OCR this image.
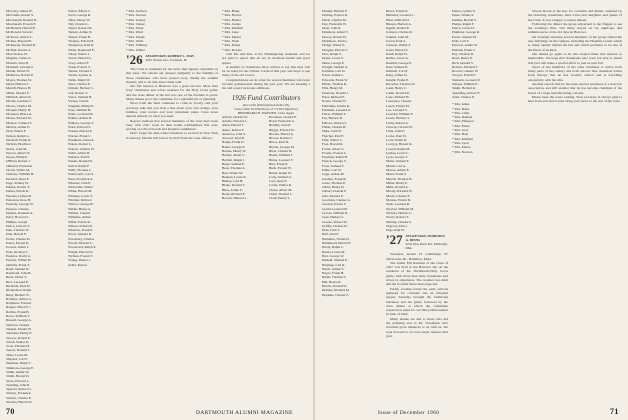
McCrary, James W.

McCredie, Robert S.

Macdonald, Ronald D.

Macdonald, Everett F.

McDonald, Harold B.

McDonald, Stewart

McEwen, Arthur C.

McKee, Bayard H.

McKenzie, Donald R.

McNair, Robert A.

Maccracken, H.

Maguire, James A.

Marden, John H.

Marshall, Lawrence

Martin, David W.

Matthews, Robert P.

Mayer, Thomas W.

Mead, Herbert C.

Merrill, Horace H.

Miller, Donald E.

Mitchell, Albert R.

Moody, Gardner C.

Moore, Charles M.

Morgan, Henry H.

Morrison, Bruce A.

Moses, Edward W.

Munroe, Samuel T.

Murray, Arthur E.

Neal, Walter F.

Nelson, Ralph G.

Newhall, Frank D.

Nichols, Bradford

Noble, John M.

Norton, Albert W.

Noyes, Philip P.

O'Brien, Robert J.

Olmsted, Frederick

Orcutt, Walter M.

Osborne, William H.

Packard, Dean E.

Page, Stanley W.

Palmer, Robert T.

Parker, Edwin K.

Parsons, Lyman B.

Patterson, Ross H.

Peabody, George W.

Pearson, Charles

Perkins, Kenneth A.

Perry, Howard L.

Phillips, Joseph

Pierce, Lincoln S.

Pike, Thomas W.

Platt, Harold F.

Porter, Chester D.

Potter, Everett R.

Powers, Albert J.

Pratt, Richard C.

Prentice, David A.

Preston, Wilbur H.

Quimby, Frank T.

Rand, Samuel D.

Raymond, John B.

Reed, Walter S.

Rice, Leonard E.

Richards, Paul M.

Richardson, Ralph

Riley, Herbert W.

Robbins, Arthur G.

Robinson, Edward

Rogers, Harold C.

Rollins, Frank B.

Rowe, William T.

Russell, George A.

Sanborn, Charles

Sargent, Daniel W.

Saunders, Henry P.

Sawyer, Robert E.

Schell, Walter D.

Scott, Thomas H.

Seaver, Donald J.

Shaw, Lewis M.

Shepard, Carl F.

Sherman, Ralph T.

Simmons, George E.

Smith, Arthur W.

Smith, Harold D.

Snow, Edward L.

Spalding, John R.

Spencer, Robert G.

Stanley, Frederick

Stearns, Charles P.

Stevens, Harold W.

Sutton, Elbert C.

Swan, George R.

Taber, Henry W.

Taft, Charles L.

Taylor, Robert M.

Tenney, Arthur D.

Thayer, Frank B.

Thomas, Edwin H.

Thompson, Paul R.

Tilton, Raymond E.

Tobey, Walter J.

Towle, Harold G.

Tracy, Albert F.

Trask, Everett S.

Tucker, Donald C.

Turner, Lyman A.

Tuttle, Ralph W.

Tyler, Charles E.

Upham, Herbert S.

Vail, Robert T.

Vance, Samuel B.

Varney, John P.

Vaughan, Philip D.

Vose, William H.

Wade, Leonard M.

Walker, Arthur R.

Wallace, George T.

Ward, Edward S.

Warner, Harold P.

Warren, Frank C.

Washburn, Dean A.

Waters, Robert L.

Watson, Charles W.

Webb, Albert H.

Webster, Paul E.

Weeks, Donald R.

Welch, Ralph F.

Wells, Thomas J.

Wentworth, Carl S.

West, Frederick A.

Wheeler, John E.

Whitcomb, Walter

White, Harold M.

Whitney, Lewis T.

Whittier, Richard

Wilcox, George B.

Wilder, Henry A.

Willard, Chester

Williams, Arthur

Willis, Edwin R.

Wilson, Robert D.

Winslow, Frank P.

Wood, Samuel R.

Woodbury, Charles

Woods, Herbert L.

Woodward, Ralph E.

Wright, Harold W.

Wyman, Everett T.

Young, Daniel J.

Zeller, Paul A.

* Mrs. Sanford

* Mrs. Stewart

* Mrs. Tenney

* Mrs. Turner

* Mrs. Wade

* Mrs. Ward

* Mrs. Weeks

* Mrs. Wells

* Mrs. Whitney

* Mrs. Wilder

'26 SECRETARY, ROBERT L. MAY
4901 Warren Ave., Evanston, Ill.

The Class is saddened by the news that appears elsewhere in this issue. We extend our deepest sympathy to the families of those classmates who have passed away during the autumn months, and to all who knew them well.

Our fall reunion at Hanover was a great success. More than forty classmates and wives returned for the Holy Cross game, and the class dinner at the Inn was one of the liveliest in years. Many thanks go to the committee for a splendid job of planning.

News from the field continues to come in slowly, and your secretary asks that you drop a line about your own doings, your families, your travels and your retirement plans. Class notes depend entirely on what you send.

Reports indicate that several members of the class have been busy with civic work in their home communities this year, serving on school boards and hospital committees.

Don't forget the mid-winter luncheon to be held in New York in January. Details will follow by mail from the class officers.

* Mrs. Haley

* Mrs. Horton

* Mrs. Hunter

* Mrs. Jordan

* Mrs. Kimball

* Mrs. Lane

* Mrs. Mason

* Mrs. Nash

* Mrs. Parker

* Mrs. Powers

with Mr. and Mrs. at the Thanksgiving weekend, and we are glad to report that all are in excellent health and good spirits.

A number of classmates have written to say that they will be on hand for the Winter Carnival this year and hope to see many of the old crowd.

Congratulations are in order for several members who have become grandparents during the past year. We are keeping a list and would welcome additions.

1926 Fund Contributors
plus Gifts (Participation Index 93)
Class Gifts: $7,639.00 (as of 7/1/60 Objective)
BERNHARD M. HAYDEN, Class Agent

Abbott, Charles W.

Adams, Edward L.

Allen, Harold T.

Ames, Robert F.

Andrews, John S.

Atwood, Paul R.

Bailey, Frank D.

Baker, George E.

Barnes, Henry W.

Barrett, Albert C.

Bartlett, Ralph J.

Bates, Samuel P.

Bean, Thomas A.

Bell, Walter M.

Bennett, Lewis R.

Bishop, Carl H.

Blake, Donald T.

Bliss, Arthur F.

Bond, Richard E.

Bowen, Herbert L.

Bowman, Charles E.

Boyd, Frederick S.

Bradley, John P.

Briggs, Edward W.

Brooks, Harold A.

Brown, Robert C.

Bruce, Paul D.

Bryant, George M.

Buck, Chester R.

Burke, William J.

Burns, Leonard T.

Burt, Frank E.

Bush, Everett H.

Butler, Ralph W.

Cady, Samuel G.

Carr, Dean F.

Carter, Walter R.

Chase, Albert M.

Child, Thomas L.

Clark, Henry S.

70	DARTMOUTH ALUMNI MAGAZINE

Daniels, Herbert F.

Darling, Everett R.

Davis, Charles M.

Day, Frederick W.

Dean, John R.

Dennison, Albert T.

Dewey, Robert H.

Dickinson, Paul G.

Dodge, Walter E.

Douglas, Harold C.

Dow, Ralph T.

Drake, Lewis S.

Dunn, George P.

Dwight, Samuel A.

Eastman, Carl D.

Eaton, Arthur L.

Edwards, Frank W.

Elliott, Thomas R.

Ellis, Henry M.

Emerson, Donald J.

Estes, Richard F.

Evans, Chester H.

Fairbanks, Edwin R.

Farnham, Leonard A.

Farrar, William T.

Fay, Herbert D.

Fellows, Robert S.

Fisher, Charles B.

Fiske, John W.

Fletcher, Paul E.

Flint, Walter C.

Foss, Harold R.

Foster, Albert G.

Fowler, Everett L.

Freeman, Ralph H.

French, George S.

Frost, Samuel T.

Fuller, Carl W.

Gage, Arthur M.

Gardner, Frank R.

Gates, Thomas E.

Gibbs, Henry D.

Gilbert, Donald F.

Gile, Richard P.

Goodwin, Chester A.

Gordon, Edwin T.

Gould, Leonard H.

Graves, William R.

Gray, Herbert S.

Greene, Robert W.

Griffin, Charles D.

Hale, John T.

Hall, Paul F.

Hamilton, Walter D.

Hammond, Harold E.

Hardy, Ralph C.

Harris, Lewis M.

Hart, George W.

Haskell, Samuel E.

Hastings, Carl R.

Hatch, Arthur T.

Hayes, Frank H.

Heath, Thomas S.

Hill, Henry R.

Hobbs, Donald W.

Holmes, Richard M.

Hopkins, Chester F.

Howe, Edwin P.

Hubbard, Leonard C.

Hunt, William D.

Hussey, Herbert A.

Ingalls, Robert E.

Jackson, Charles R.

Jenkins, John M.

Jewett, Paul S.

Johnson, Walter F.

Jones, Harold T.

Keith, Ralph W.

Kelley, Lewis A.

Kendall, George E.

Kent, Samuel R.

Kimball, Carl P.

King, Arthur D.

Knight, Frank E.

Knowles, Thomas W.

Ladd, Henry C.

Lamb, Donald R.

Lane, Richard H.

Lawrence, Chester

Leach, Edwin M.

Lee, Leonard S.

Leonard, William F.

Lewis, Herbert T.

Libby, Robert A.

Lincoln, Charles H.

Little, John E.

Locke, Paul W.

Lord, Walter R.

Lovejoy, Harold D.

Lowell, Ralph M.

Lyman, Lewis C.

Lyon, George T.

Mann, Samuel F.

Marsh, Carl A.

Mason, Arthur E.

Mead, Frank S.

Merrill, Thomas H.

Miller, Henry P.

Mills, Donald A.

Moody, Richard W.

Morse, Chester E.

Morton, Edwin D.

Nash, Leonard R.

Newton, William M.

Nichols, Herbert C.

Norris, Robert T.

Nutting, Charles S.

Osgood, John L.

Page, Paul H.

'27 SECRETARY, DOREMUS A. BINNS
4232 West River Rd., Pittsburgh, Ohio

Treasurer, Robert H. Cummings, 87 Silverstone Dr., Hamilton, Mass.

The fourth Fall Reunion of the Class of 1927 was held at the Hanover Inn on the weekend of the Dartmouth–Holy Cross game, with more than sixty classmates and wives in attendance. The weather was kind and the football better than expected.

Friday evening found the early arrivals gathered for cocktails and an informal supper. Saturday brought the traditional luncheon and the game, followed by the class dinner at which the committee reported on plans for our thirty-fifth reunion in June of 1962.

Many thanks are due to those who did the planning and to the classmates who travelled great distances to be with us. We look forward to an even larger turnout next year.

Parker, Lyman E.

Pease, Walter A.

Perkins, Harold S.

Phelps, Ralph F.

Pierce, Lewis D.

Plummer, George R.

Porter, Samuel M.

Pratt, Carl T.

Prescott, Arthur W.

Putnam, Frank C.

Ray, Thomas D.

Reed, Henry E.

Rich, Donald S.

Roberts, Richard T.

Rowell, Chester W.

Sawyer, Edwin F.

Shattuck, Leonard P.

Sleeper, William E.

Smith, Herbert R.

Spaulding, Robert F.

Stark, Charles E.

* Mrs. Ames

* Mrs. Bates

* Mrs. Clark

* Mrs. Daniels

* Mrs. Emerson

* Mrs. Fuller

* Mrs. Gray

* Mrs. Hale

* Mrs. Kimball

* Mrs. Lyon

* Mrs. Morse

* Mrs. Newton

Tavern Room at the Inn, for cocktails and dinner, attended by the returning classmates, their wives and daughters and guests of the Class. It was a happy occasion indeed.

Following the dinner the group adjourned to the Nugget to see the evening's film, and many stayed on for nightcaps and reminiscences of the old days in Hanover.

On Saturday morning several members of the group visited the new buildings on the campus, including the Hopkins Center which is rising rapidly behind the Inn and which promises to be one of the finest of its kind.

Our thanks go again to all who helped make this reunion so memorable. We hope that classmates who were not able to attend this year will make a special effort to join us next fall.

News of the members of the class continues to arrive from many parts of the country and from abroad. One classmate writes from Europe that he has recently retired and is travelling extensively with his wife.

Another reports that he has been elected president of a state bar association, and still another that he has become chairman of the board of a large manufacturing concern.

Please keep the notes coming. Your secretary is always glad to hear from you and to pass along your news to the rest of the class.

Issue of December 1960	71
